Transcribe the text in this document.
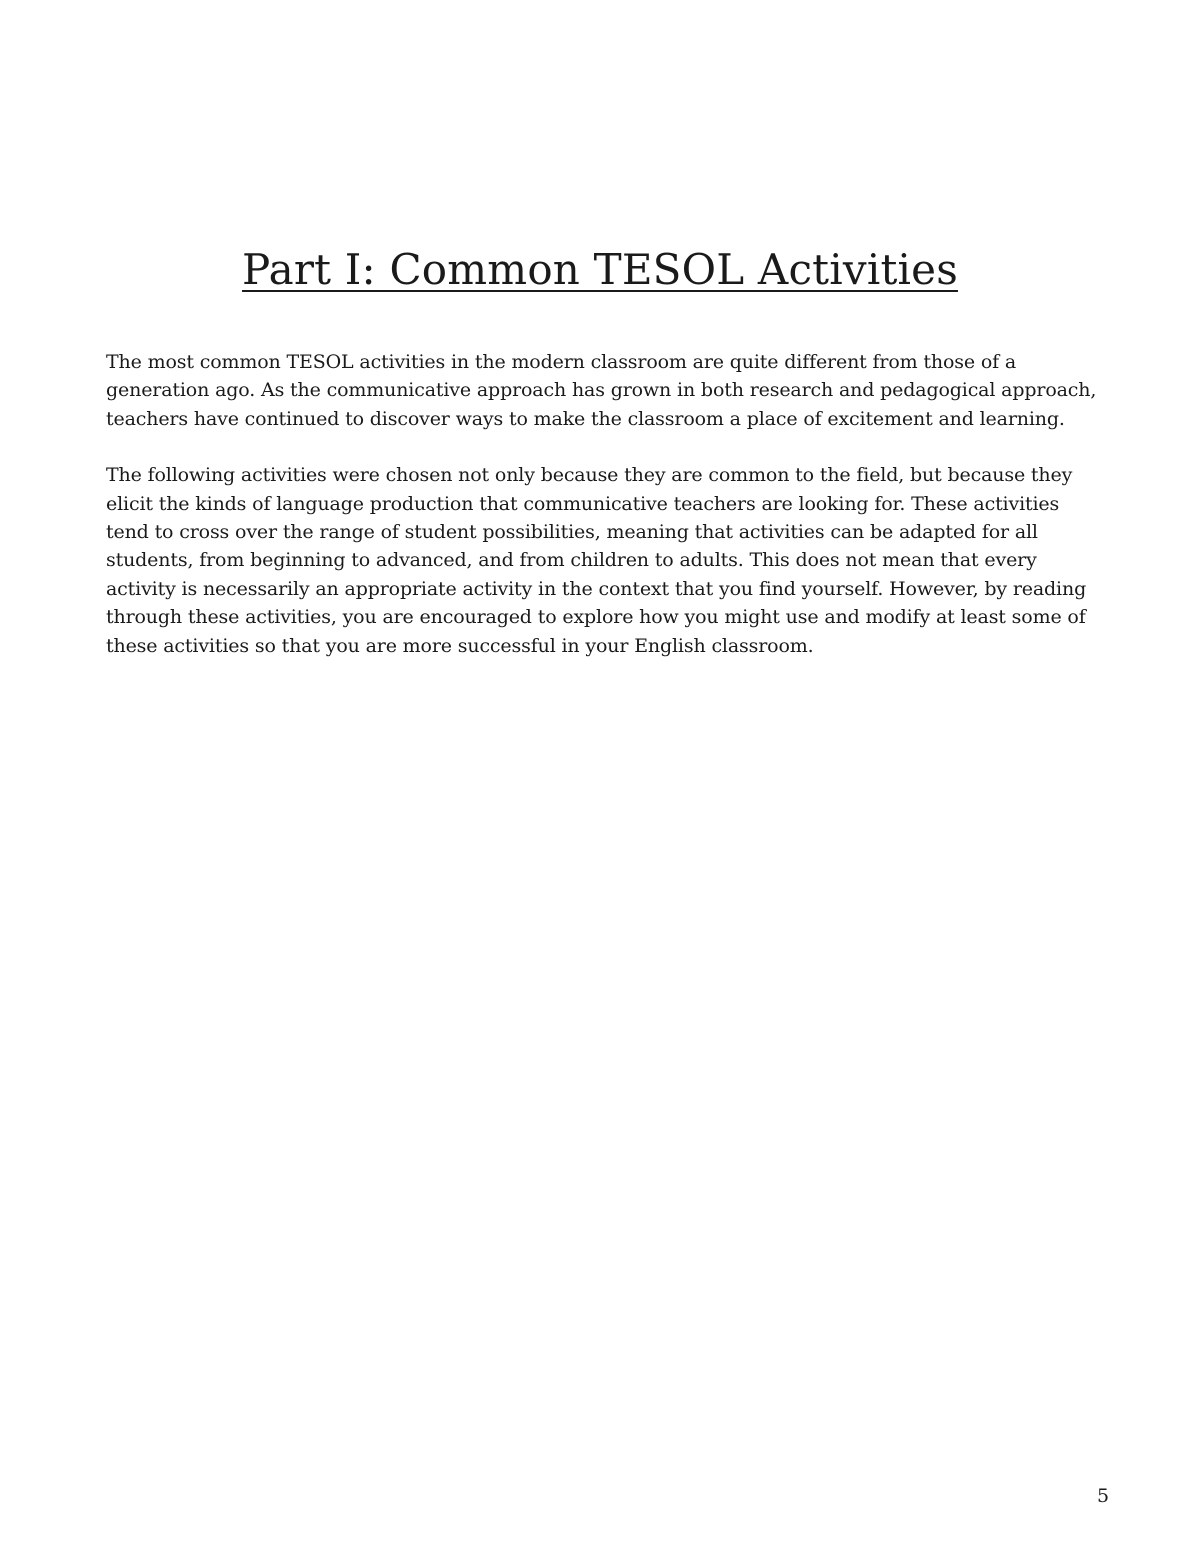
Part I: Common TESOL Activities

The most common TESOL activities in the modern classroom are quite different from those of a generation ago. As the communicative approach has grown in both research and pedagogical approach, teachers have continued to discover ways to make the classroom a place of excitement and learning.

The following activities were chosen not only because they are common to the field, but because they elicit the kinds of language production that communicative teachers are looking for. These activities tend to cross over the range of student possibilities, meaning that activities can be adapted for all students, from beginning to advanced, and from children to adults. This does not mean that every activity is necessarily an appropriate activity in the context that you find yourself. However, by reading through these activities, you are encouraged to explore how you might use and modify at least some of these activities so that you are more successful in your English classroom.

5
